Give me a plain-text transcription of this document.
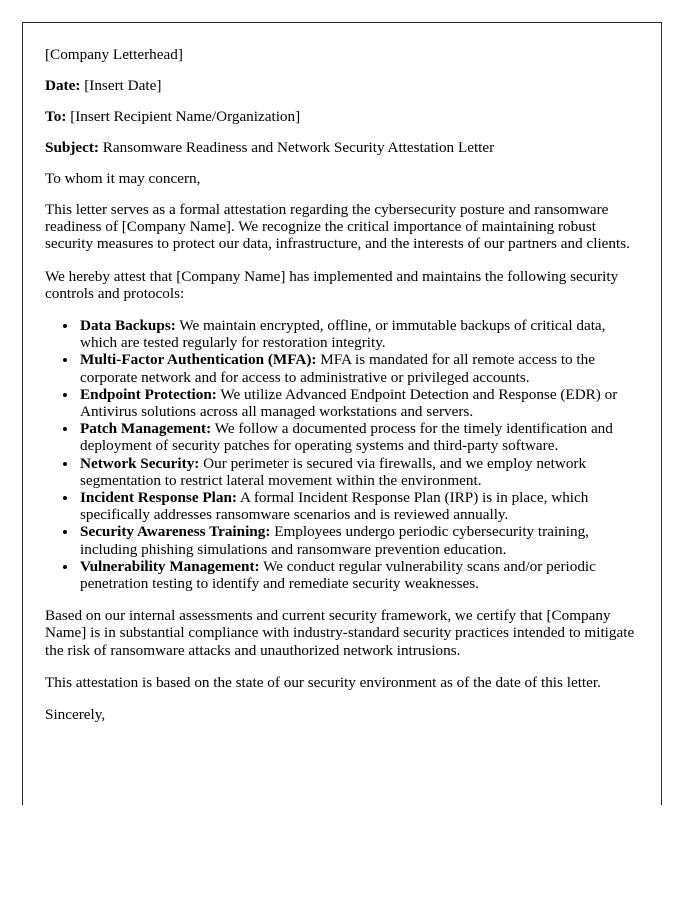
[Company Letterhead]

Date: [Insert Date]

To: [Insert Recipient Name/Organization]

Subject: Ransomware Readiness and Network Security Attestation Letter

To whom it may concern,

This letter serves as a formal attestation regarding the cybersecurity posture and ransomware readiness of [Company Name]. We recognize the critical importance of maintaining robust security measures to protect our data, infrastructure, and the interests of our partners and clients.

We hereby attest that [Company Name] has implemented and maintains the following security controls and protocols:

• Data Backups: We maintain encrypted, offline, or immutable backups of critical data, which are tested regularly for restoration integrity.
• Multi-Factor Authentication (MFA): MFA is mandated for all remote access to the corporate network and for access to administrative or privileged accounts.
• Endpoint Protection: We utilize Advanced Endpoint Detection and Response (EDR) or Antivirus solutions across all managed workstations and servers.
• Patch Management: We follow a documented process for the timely identification and deployment of security patches for operating systems and third-party software.
• Network Security: Our perimeter is secured via firewalls, and we employ network segmentation to restrict lateral movement within the environment.
• Incident Response Plan: A formal Incident Response Plan (IRP) is in place, which specifically addresses ransomware scenarios and is reviewed annually.
• Security Awareness Training: Employees undergo periodic cybersecurity training, including phishing simulations and ransomware prevention education.
• Vulnerability Management: We conduct regular vulnerability scans and/or periodic penetration testing to identify and remediate security weaknesses.

Based on our internal assessments and current security framework, we certify that [Company Name] is in substantial compliance with industry-standard security practices intended to mitigate the risk of ransomware attacks and unauthorized network intrusions.

This attestation is based on the state of our security environment as of the date of this letter.

Sincerely,
